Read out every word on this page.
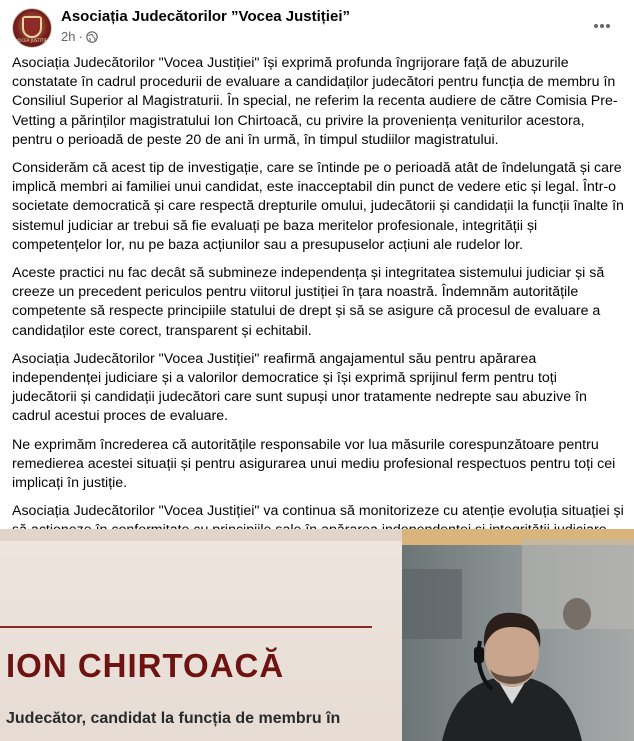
VOCEA JUSTIȚIEI
Asociația Judecătorilor ”Vocea Justiției”
2h ·

Asociația Judecătorilor "Vocea Justiției" își exprimă profunda îngrijorare față de abuzurile constatate în cadrul procedurii de evaluare a candidaților judecători pentru funcția de membru în Consiliul Superior al Magistraturii. În special, ne referim la recenta audiere de către Comisia Pre-Vetting a părinților magistratului Ion Chirtoacă, cu privire la proveniența veniturilor acestora, pentru o perioadă de peste 20 de ani în urmă, în timpul studiilor magistratului.

Considerăm că acest tip de investigație, care se întinde pe o perioadă atât de îndelungată și care implică membri ai familiei unui candidat, este inacceptabil din punct de vedere etic și legal. Într-o societate democratică și care respectă drepturile omului, judecătorii și candidații la funcții înalte în sistemul judiciar ar trebui să fie evaluați pe baza meritelor profesionale, integrității și competențelor lor, nu pe baza acțiunilor sau a presupuselor acțiuni ale rudelor lor.

Aceste practici nu fac decât să submineze independența și integritatea sistemului judiciar și să creeze un precedent periculos pentru viitorul justiției în țara noastră. Îndemnăm autoritățile competente să respecte principiile statului de drept și să se asigure că procesul de evaluare a candidaților este corect, transparent și echitabil.

Asociația Judecătorilor "Vocea Justiției" reafirmă angajamentul său pentru apărarea independenței judiciare și a valorilor democratice și își exprimă sprijinul ferm pentru toți judecătorii și candidații judecători care sunt supuși unor tratamente nedrepte sau abuzive în cadrul acestui proces de evaluare.

Ne exprimăm încrederea că autoritățile responsabile vor lua măsurile corespunzătoare pentru remedierea acestei situații și pentru asigurarea unui mediu profesional respectuos pentru toți cei implicați în justiție.

Asociația Judecătorilor "Vocea Justiției" va continua să monitorizeze cu atenție evoluția situației și

ION CHIRTOACĂ
Judecător, candidat la funcția de membru în
